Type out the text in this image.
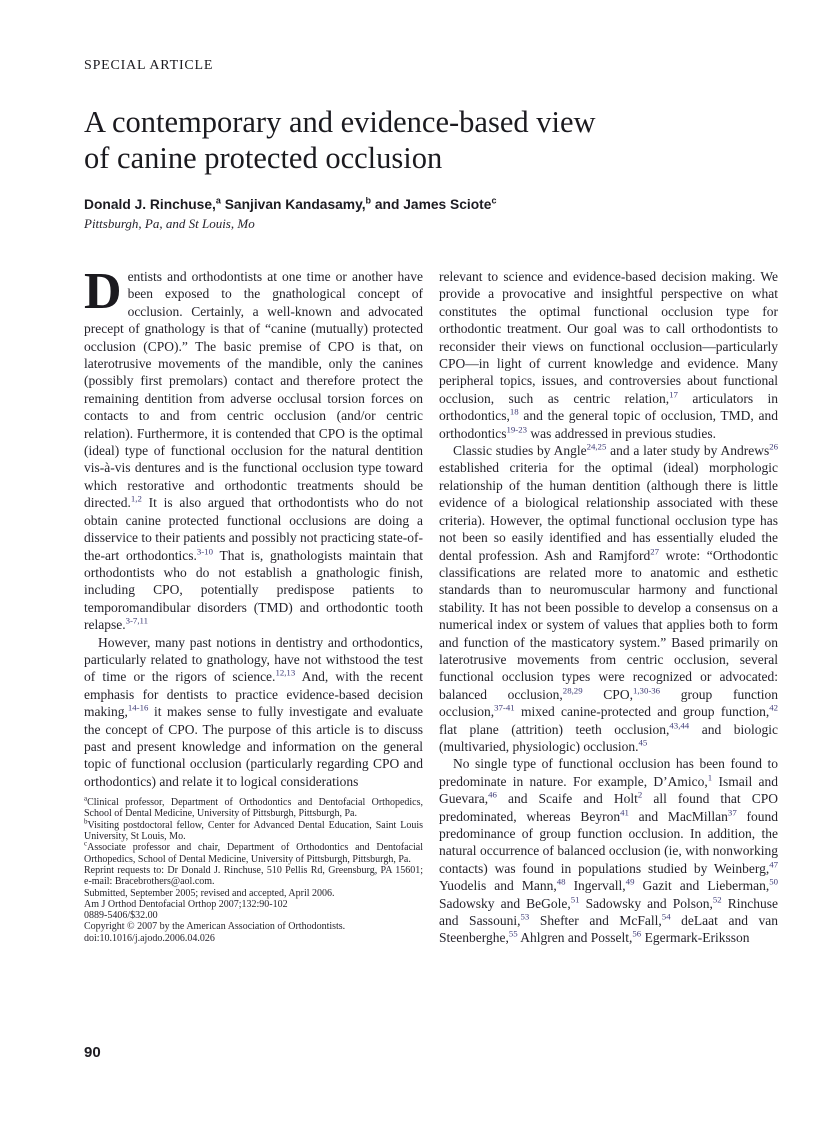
SPECIAL ARTICLE
A contemporary and evidence-based view
of canine protected occlusion
Donald J. Rinchuse,$^a$ Sanjivan Kandasamy,$^b$ and James Sciote$^c$
Pittsburgh, Pa, and St Louis, Mo

Dentists and orthodontists at one time or another have been exposed to the gnathological concept of occlusion. Certainly, a well-known and advocated precept of gnathology is that of “canine (mutually) protected occlusion (CPO).” The basic premise of CPO is that, on laterotrusive movements of the mandible, only the canines (possibly first premolars) contact and therefore protect the remaining dentition from adverse occlusal torsion forces on contacts to and from centric occlusion (and/or centric relation). Furthermore, it is contended that CPO is the optimal (ideal) type of functional occlusion for the natural dentition vis-à-vis dentures and is the functional occlusion type toward which restorative and orthodontic treatments should be directed.$^{1,2}$ It is also argued that orthodontists who do not obtain canine protected functional occlusions are doing a disservice to their patients and possibly not practicing state-of-the-art orthodontics.$^{3-10}$ That is, gnathologists maintain that orthodontists who do not establish a gnathologic finish, including CPO, potentially predispose patients to temporomandibular disorders (TMD) and orthodontic tooth relapse.$^{3-7,11}$

However, many past notions in dentistry and orthodontics, particularly related to gnathology, have not withstood the test of time or the rigors of science.$^{12,13}$ And, with the recent emphasis for dentists to practice evidence-based decision making,$^{14-16}$ it makes sense to fully investigate and evaluate the concept of CPO. The purpose of this article is to discuss past and present knowledge and information on the general topic of functional occlusion (particularly regarding CPO and orthodontics) and relate it to logical considerations

$^a$Clinical professor, Department of Orthodontics and Dentofacial Orthopedics, School of Dental Medicine, University of Pittsburgh, Pittsburgh, Pa.
$^b$Visiting postdoctoral fellow, Center for Advanced Dental Education, Saint Louis University, St Louis, Mo.
$^c$Associate professor and chair, Department of Orthodontics and Dentofacial Orthopedics, School of Dental Medicine, University of Pittsburgh, Pittsburgh, Pa.
Reprint requests to: Dr Donald J. Rinchuse, 510 Pellis Rd, Greensburg, PA 15601; e-mail: Bracebrothers@aol.com.
Submitted, September 2005; revised and accepted, April 2006.
Am J Orthod Dentofacial Orthop 2007;132:90-102
0889-5406/$32.00
Copyright © 2007 by the American Association of Orthodontists.
doi:10.1016/j.ajodo.2006.04.026

relevant to science and evidence-based decision making. We provide a provocative and insightful perspective on what constitutes the optimal functional occlusion type for orthodontic treatment. Our goal was to call orthodontists to reconsider their views on functional occlusion—particularly CPO—in light of current knowledge and evidence. Many peripheral topics, issues, and controversies about functional occlusion, such as centric relation,$^{17}$ articulators in orthodontics,$^{18}$ and the general topic of occlusion, TMD, and orthodontics$^{19-23}$ was addressed in previous studies.

Classic studies by Angle$^{24,25}$ and a later study by Andrews$^{26}$ established criteria for the optimal (ideal) morphologic relationship of the human dentition (although there is little evidence of a biological relationship associated with these criteria). However, the optimal functional occlusion type has not been so easily identified and has essentially eluded the dental profession. Ash and Ramjford$^{27}$ wrote: “Orthodontic classifications are related more to anatomic and esthetic standards than to neuromuscular harmony and functional stability. It has not been possible to develop a consensus on a numerical index or system of values that applies both to form and function of the masticatory system.” Based primarily on laterotrusive movements from centric occlusion, several functional occlusion types were recognized or advocated: balanced occlusion,$^{28,29}$ CPO,$^{1,30-36}$ group function occlusion,$^{37-41}$ mixed canine-protected and group function,$^{42}$ flat plane (attrition) teeth occlusion,$^{43,44}$ and biologic (multivaried, physiologic) occlusion.$^{45}$

No single type of functional occlusion has been found to predominate in nature. For example, D’Amico,$^1$ Ismail and Guevara,$^{46}$ and Scaife and Holt$^2$ all found that CPO predominated, whereas Beyron$^{41}$ and MacMillan$^{37}$ found predominance of group function occlusion. In addition, the natural occurrence of balanced occlusion (ie, with nonworking contacts) was found in populations studied by Weinberg,$^{47}$ Yuodelis and Mann,$^{48}$ Ingervall,$^{49}$ Gazit and Lieberman,$^{50}$ Sadowsky and BeGole,$^{51}$ Sadowsky and Polson,$^{52}$ Rinchuse and Sassouni,$^{53}$ Shefter and McFall,$^{54}$ deLaat and van Steenberghe,$^{55}$ Ahlgren and Posselt,$^{56}$ Egermark-Eriksson

90
